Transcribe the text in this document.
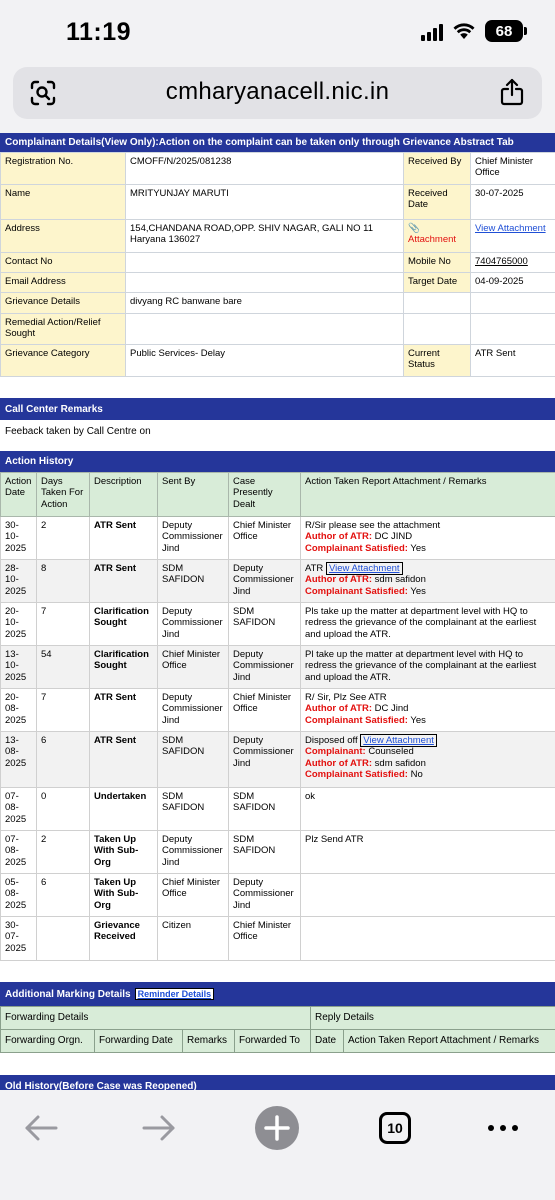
11:19	68
cmharyanacell.nic.in
Complainant Details(View Only):Action on the complaint can be taken only through Grievance Abstract Tab
Registration No.	CMOFF/N/2025/081238	Received By	Chief Minister Office
Name	MRITYUNJAY MARUTI	Received Date	30-07-2025
Address	154,CHANDANA ROAD,OPP. SHIV NAGAR, GALI NO 11 Haryana 136027	📎Attachment	View Attachment
Contact No		Mobile No	7404765000
Email Address		Target Date	04-09-2025
Grievance Details	divyang RC banwane bare		
Remedial Action/Relief Sought			
Grievance Category	Public Services- Delay	Current Status	ATR Sent
Call Center Remarks
Feeback taken by Call Centre on
Action History
Action Date	Days Taken For Action	Description	Sent By	Case Presently Dealt	Action Taken Report Attachment / Remarks
30-10-2025	2	ATR Sent	Deputy Commissioner Jind	Chief Minister Office	R/Sir please see the attachment
Author of ATR: DC JIND
Complainant Satisfied: Yes

28-10-2025	8	ATR Sent	SDM SAFIDON	Deputy Commissioner Jind	ATR View Attachment
Author of ATR: sdm safidon
Complainant Satisfied: Yes

20-10-2025	7	Clarification Sought	Deputy Commissioner Jind	SDM SAFIDON	Pls take up the matter at department level with HQ to redress the grievance of the complainant at the earliest and upload the ATR.
13-10-2025	54	Clarification Sought	Chief Minister Office	Deputy Commissioner Jind	Pl take up the matter at department level with HQ to redress the grievance of the complainant at the earliest and upload the ATR.
20-08-2025	7	ATR Sent	Deputy Commissioner Jind	Chief Minister Office	R/ Sir, Plz See ATR
Author of ATR: DC Jind
Complainant Satisfied: Yes

13-08-2025	6	ATR Sent	SDM SAFIDON	Deputy Commissioner Jind	Disposed off View Attachment
Complainant: Counseled
Author of ATR: sdm safidon
Complainant Satisfied: No

07-08-2025	0	Undertaken	SDM SAFIDON	SDM SAFIDON	ok
07-08-2025	2	Taken Up With Sub-Org	Deputy Commissioner Jind	SDM SAFIDON	Plz Send ATR
05-08-2025	6	Taken Up With Sub-Org	Chief Minister Office	Deputy Commissioner Jind	
30-07-2025		Grievance Received	Citizen	Chief Minister Office	
Additional Marking Details Reminder Details
Forwarding Details				Reply Details	
Forwarding Orgn.	Forwarding Date	Remarks	Forwarded To	Date	Action Taken Report Attachment / Remarks
Old History(Before Case was Reopened)
10
